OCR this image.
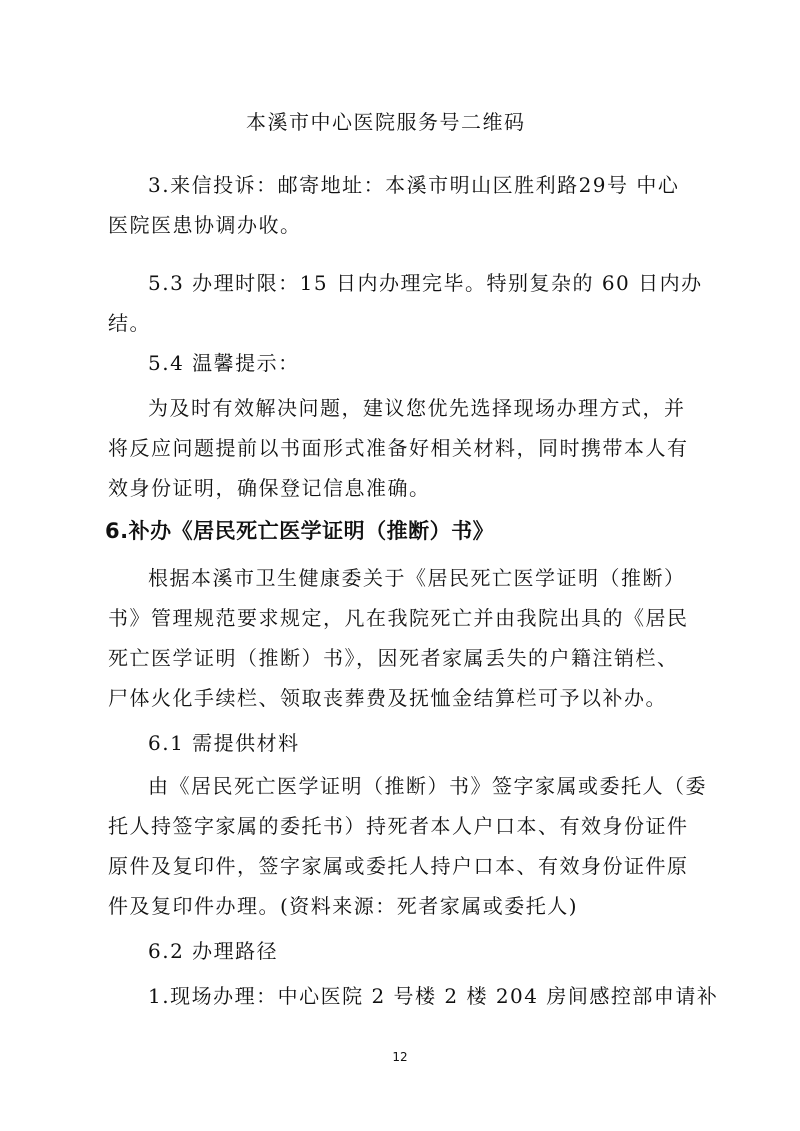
本溪市中心医院服务号二维码
3.来信投诉：邮寄地址：本溪市明山区胜利路29号 中心
医院医患协调办收。
5.3 办理时限：15 日内办理完毕。特别复杂的 60 日内办
结。
5.4 温馨提示：
为及时有效解决问题，建议您优先选择现场办理方式，并
将反应问题提前以书面形式准备好相关材料，同时携带本人有
效身份证明，确保登记信息准确。
6.补办《居民死亡医学证明（推断）书》
根据本溪市卫生健康委关于《居民死亡医学证明（推断）
书》管理规范要求规定，凡在我院死亡并由我院出具的《居民
死亡医学证明（推断）书》，因死者家属丢失的户籍注销栏、
尸体火化手续栏、领取丧葬费及抚恤金结算栏可予以补办。
6.1 需提供材料
由《居民死亡医学证明（推断）书》签字家属或委托人（委
托人持签字家属的委托书）持死者本人户口本、有效身份证件
原件及复印件，签字家属或委托人持户口本、有效身份证件原
件及复印件办理。(资料来源：死者家属或委托人)
6.2 办理路径
1.现场办理：中心医院 2 号楼 2 楼 204 房间感控部申请补
12
